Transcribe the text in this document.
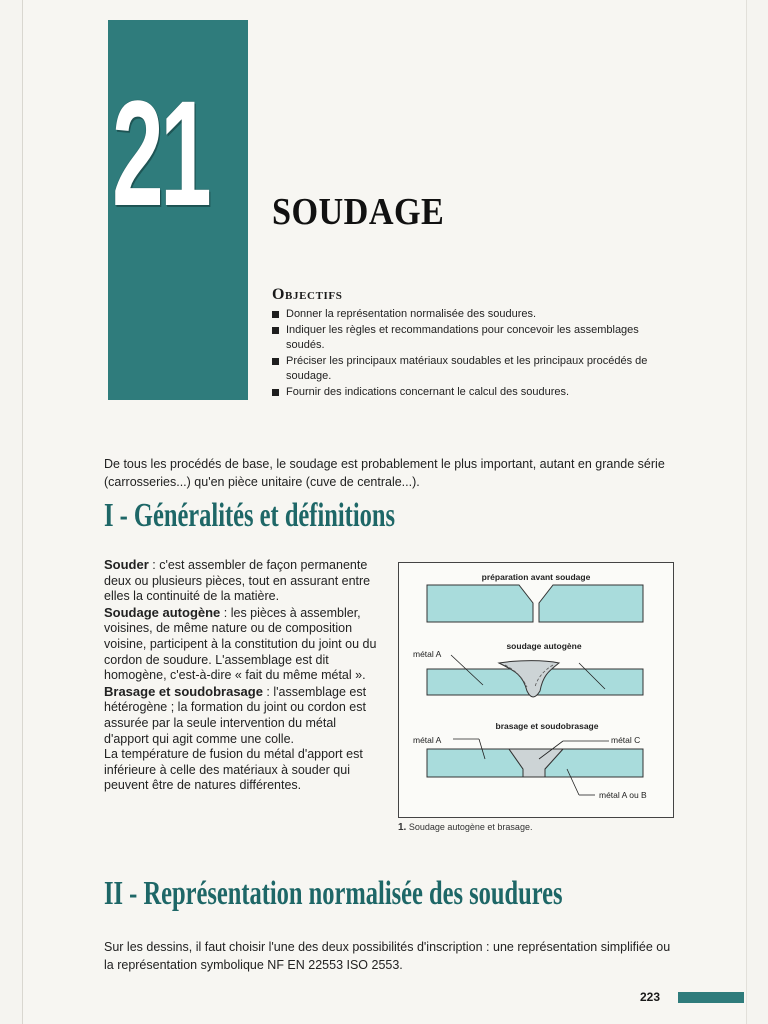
21 SOUDAGE
Objectifs
Donner la représentation normalisée des soudures.
Indiquer les règles et recommandations pour concevoir les assemblages soudés.
Préciser les principaux matériaux soudables et les principaux procédés de soudage.
Fournir des indications concernant le calcul des soudures.
De tous les procédés de base, le soudage est probablement le plus important, autant en grande série (carrosseries...) qu'en pièce unitaire (cuve de centrale...).
I - Généralités et définitions

Souder : c'est assembler de façon permanente deux ou plusieurs pièces, tout en assurant entre elles la continuité de la matière.

Soudage autogène : les pièces à assembler, voisines, de même nature ou de composition voisine, participent à la constitution du joint ou du cordon de soudure. L'assemblage est dit homogène, c'est-à-dire « fait du même métal ».

Brasage et soudobrasage : l'assemblage est hétérogène ; la formation du joint ou cordon est assurée par la seule intervention du métal d'apport qui agit comme une colle.

La température de fusion du métal d'apport est inférieure à celle des matériaux à souder qui peuvent être de natures différentes.

préparation avant soudage
soudage autogène
métal A
brasage et soudobrasage
métal A	métal C
métal A ou B
1. Soudage autogène et brasage.
II - Représentation normalisée des soudures
Sur les dessins, il faut choisir l'une des deux possibilités d'inscription : une représentation simplifiée ou la représentation symbolique NF EN 22553 ISO 2553.
223
